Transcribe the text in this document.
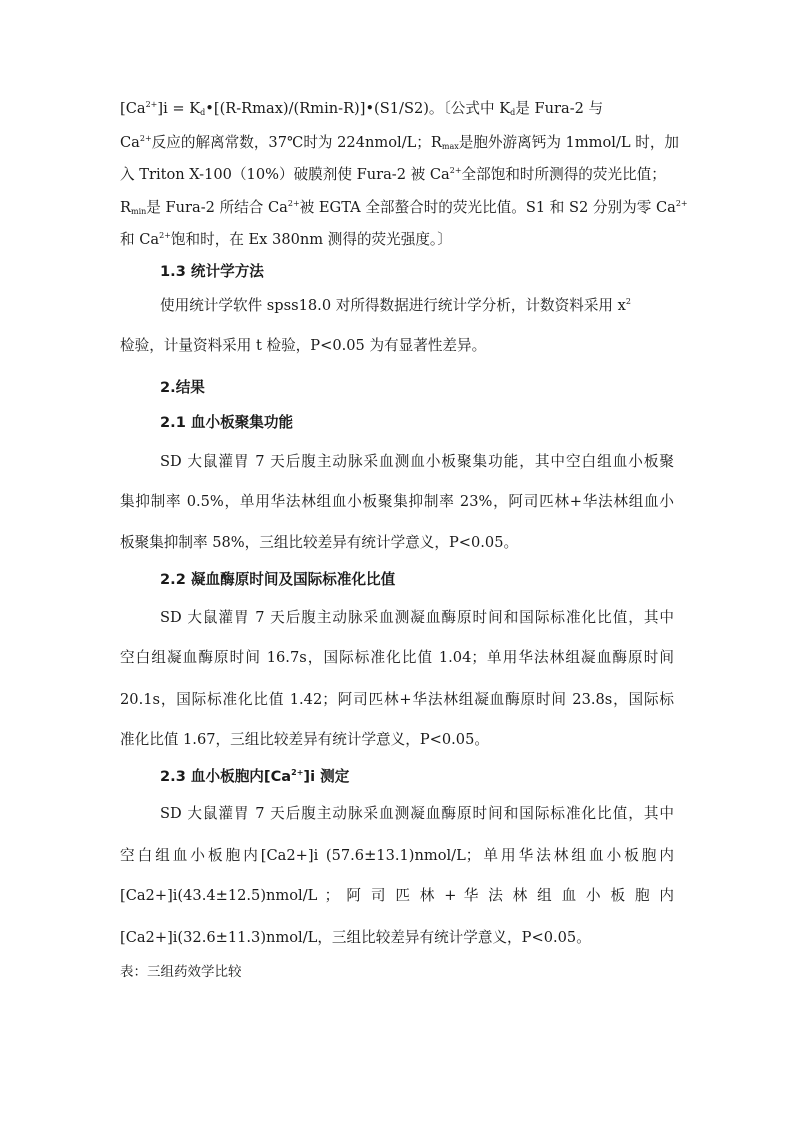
$[Ca^{2+}]i$ = $K_d•[(R-Rmax)/(Rmin-R)]•(S1/S2)$。〔公式中 $K_d$是 Fura-2 与
$Ca^{2+}$反应的解离常数，37℃时为 224nmol/L；$R_{max}$是胞外游离钙为 1mmol/L 时，加
入 Triton X-100（10%）破膜剂使 Fura-2 被 $Ca^{2+}$全部饱和时所测得的荧光比值；
$R_{min}$是 Fura-2 所结合 $Ca^{2+}$被 EGTA 全部螯合时的荧光比值。S1 和 S2 分别为零 $Ca^{2+}$
和 $Ca^{2+}$饱和时，在 Ex 380nm 测得的荧光强度。〕
1.3 统计学方法
使用统计学软件 spss18.0 对所得数据进行统计学分析，计数资料采用 $x^2$
检验，计量资料采用 t 检验，P<0.05 为有显著性差异。
2.结果
2.1 血小板聚集功能
SD 大鼠灌胃 7 天后腹主动脉采血测血小板聚集功能，其中空白组血小板聚
集抑制率 0.5%，单用华法林组血小板聚集抑制率 23%，阿司匹林+华法林组血小
板聚集抑制率 58%，三组比较差异有统计学意义，P<0.05。
2.2 凝血酶原时间及国际标准化比值
SD 大鼠灌胃 7 天后腹主动脉采血测凝血酶原时间和国际标准化比值，其中
空白组凝血酶原时间 16.7s，国际标准化比值 1.04；单用华法林组凝血酶原时间
20.1s，国际标准化比值 1.42；阿司匹林+华法林组凝血酶原时间 23.8s，国际标
准化比值 1.67，三组比较差异有统计学意义，P<0.05。
2.3 血小板胞内$[Ca^{2+}]i$ 测定
SD 大鼠灌胃 7 天后腹主动脉采血测凝血酶原时间和国际标准化比值，其中
空白组血小板胞内[Ca2+]i (57.6±13.1)nmol/L；单用华法林组血小板胞内
[Ca2+]i(43.4±12.5)nmol/L ； 阿 司 匹 林 + 华 法 林 组 血 小 板 胞 内
[Ca2+]i(32.6±11.3)nmol/L，三组比较差异有统计学意义，P<0.05。
表：三组药效学比较
